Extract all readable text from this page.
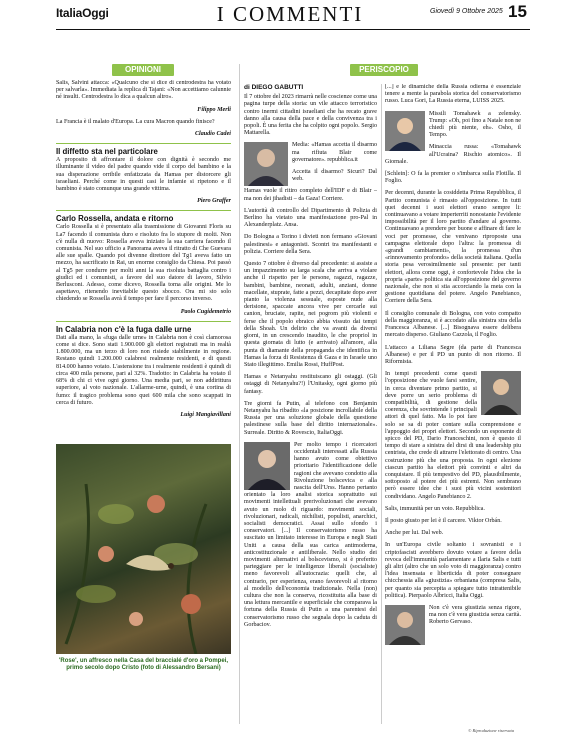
ItaliaOggi	I COMMENTI	Giovedì 9 Ottobre 2025 15
OPINIONI

Salis, Salvini attacca: «Qualcuno che si dice di centrodestra ha votato per salvarla». Immediata la replica di Tajani: «Non accettiamo calunnie né insulti. Centrodestra lo dica a qualcun altro».

Filippo Merli

La Francia è il malato d'Europa. La cura Macron quando finisce?

Claudio Cadei
Il diffetto sta nel particolare

A proposito di affrontare il dolore con dignità è secondo me illuminante il video del padre quando vide il corpo del bambino e la sua disperazione orribile enfatizzata da Hamas per distorcere gli israeliani. Perché come in questi casi le infamie si ripetono e il bambino è stato comunque una grande vittima.

Piero Graffer
Carlo Rossella, andata e ritorno

Carlo Rossella si è presentato alla trasmissione di Giovanni Floris su La7 facendo il comunista duro e risoluto fra lo stupore di molti. Non c'è nulla di nuovo: Rossella aveva iniziato la sua carriera facendo il comunista. Nel suo ufficio a Panorama aveva il ritratto di Che Guevara alle sue spalle. Quando poi divenne direttore del Tg1 aveva fatto un mezzo, ha sacrificato in Rai, un enorme consiglio da Chiesa. Poi passò al Tg5 per condurre per molti anni la sua risoluta battaglia contro i giudici ed i comunisti, a favore del suo datore di lavoro, Silvio Berlusconi. Adesso, come dicevo, Rossella torna alle origini. Me lo aspettavo, ritenendo inevitabile questo sbocco. Ora mi sto solo chiedendo se Rossella avrà il tempo per fare il percorso inverso.

Paolo Cugidemetrio
In Calabria non c'è la fuga dalle urne

Dati alla mano, la «fuga dalle urne» in Calabria non è così clamorosa come si dice. Sono stati 1.900.000 gli elettori registrati ma in realtà 1.800.000, ma un terzo di loro non risiede stabilmente in regione. Restano quindi 1.200.000 calabresi realmente residenti, e di questi 814.000 hanno votato. L'astensione tra i realmente residenti è quindi di circa 400 mila persone, pari al 32%. Tradotto: in Calabria ha votato il 68% di chi ci vive ogni giorno. Una media pari, se non addirittura superiore, al voto nazionale. L'allarme-urne, quindi, è una cortina di fumo: il tragico problema sono quei 600 mila che sono scappati in cerca di futuro.

Luigi Mangiavillani
'Rose', un affresco nella Casa del braccialé d'oro a Pompei, primo secolo dopo Cristo (foto di Alessandro Bersani)
PERISCOPIO
di DIEGO GABUTTI

Il 7 ottobre del 2023 rimarrà nelle coscienze come una pagina turpe della storia: un vile attacco terroristico contro inermi cittadini israeliani che ha recato grave danno alla causa della pace e della convivenza tra i popoli. È una ferita che ha colpito ogni popolo. Sergio Mattarella.

Media: «Hamas accetta il disarmo ma rifiuta Blair come governatore». repubblica.it

Accetta il disarmo? Sicuri? Dal web.

Hamas vuole il ritiro completo dell'IDF e di Blair – ma non dei jihadisti – da Gaza! Corriere.

L'autorità di controllo del Dipartimento di Polizia di Berlino ha vietato una manifestazione pro-Pal in Alexanderplatz. Ansa.

Do Bologna a Torino i divieti non fermano «Giovani palestinesi» e antagonisti. Scontri tra manifestanti e polizia. Corriere della Sera.

Questo 7 ottobre è diverso dal precedente: si assiste a un impazzimento su larga scala che arriva a violare anche il rispetto per le persone, ragazzi, ragazze, bambini, bambine, neonati, adulti, anziani, donne macellate, stuprate, fatte a pezzi, decapitate dopo aver pianto la violenza sessuale, esposte nude alla derisione, spaccate ancora vive per cercarle sui canion, bruciate, rapite, nei pogrom più violenti e ferse che il popolo ebraico abbia vissuto dai tempi della Shoah. Un delirio che va avanti da diversi giorni, in un crescendo inaudito, le che propriol in questa giornata di lutto (e arrivato) all'amore, alla punta di diamante della propaganda che identifica in Hamas la forza di Resistenza di Gaza e in Israele uno Stato illegittimo. Emilia Rossi, HuffPost.

Hamas e Netanyahu restituiscano gli ostaggi. (Gli ostaggi di Netanyahu?!) l'Unitasky, ogni giorno più fantasy.

Tre giorni fa Putin, al telefono con Benjamin Netanyahu ha ribadito «la posizione incrollabile della Russia per una soluzione globale della questione palestinese sulla base del diritto internazionale». Surreale. Diritto & Rovescio, ItaliaOggi.

Per molto tempo i ricercatori occidentali interessati alla Russia hanno avuto come obiettivo prioritario l'identificazione delle ragioni che avevano condotto alla Rivoluzione bolscevica e alla nascita dell'Urss. Hanno pertanto orientato la loro analisi storica soprattutto sui movimenti intellettuali prerivoluzionari che avevano avuto un ruolo di riguardo: movimenti sociali, rivoluzionari, radicali, nichilisti, populisti, anarchici, socialisti democratici. Assai sullo sfondo i conservatori. [...] Il conservatorismo russo ha suscitato un limitato interesse in Europa e negli Stati Uniti a causa della sua carica antimoderna, anticostituzionale e antiliberale. Nello studio dei movimenti alternativi al bolscevismo, si è preferito parteggiare per le intelligenze liberali (socialiste) meno favorevoli all'autocrazia: quelli che, al contrario, per esperienza, erano favorevoli al ritorno al modello dell'economia tradizionale. Nella (non) cultura che non la conserva, ricostituita alla base di una lettura mercantile e superficiale che comparava la fortuna della Russia di Putin a una parentesi del conservatorismo russo che segnala dopo la caduta di Gorbaciov.

[...] e le dinamiche della Russia odierna è essenziale tenere a mente la parabola storica del conservatorismo russo. Luca Gori, La Russia eterna, LUISS 2025.

Missili Tomahawk a zelensky. Trump: «Oh, poi fino a Natale non ne chiedi più niente, eh». Osho, il Tempo.

Minaccia russa: «Tomahawk all'Ucraina? Rischio atomico». Il Giornale.

[Schlein]: O fa la premier o s'imbarca sulla Flotilla. Il Foglio.

Per decenni, durante la cosiddetta Prima Repubblica, il Partito comunista è rimasto all'opposizione. In tutti quei decenni i suoi elettori erano sempre li: continuavano a votare imperterriti nonostante l'evidente impossibilità per il loro partito d'andare al governo. Continuavano a prendere per buone e affinare di fare le voci per promesse, che venivano riproposte una campagna elettorale dopo l'altra: la promessa di «grandi cambiamenti», la promessa d'un «rinnovamento profondo» della società italiana. Quella storia pesa verosimilmente sul presente: per tanti elettori, allora come oggi, è confortevole l'idea che la propria «parte» politica sia all'opposizione del governo nazionale, che non si stia accorciando la meta con la gestione quotidiana del potere. Angelo Panebianco, Corriere della Sera.

Il consiglio comunale di Bologna, con voto compatto della maggioranza, si è accodato alla sinistra stra della Francesca Albanese. [...] Bisognava essere delibera mercato disperso. Giuliano Cazzola, il Foglio.

L'attacco a Liliana Segre (da parte di Francesca Albanese) e per il PD un punto di non ritorno. Il Riformista.

In tempi precedenti come questi l'opposizione che vuole farsi sentire, in cerca diventare primo partito, si deve porre un serio problema di compatibilità, di gestione della coerenza, che sovrintende i principali attori di quel fatto. Ma lo poi fare solo se sa di poter contare sulla comprensione e l'appoggio dei propri elettori. Secondo un esponente di spicco del PD, Dario Franceschini, non è questo il tempo di stare a sinistra del dirsi di una leadership piu centrista, che crede di attrarre l'elettorato di centro. Una costruzione più che una proposta. In ogni elezione ciascun partito ha elettori più convinti e altri da conquistare. Il più tempestivo del PD, plausibilmente, sottoposto al potere dei più estremi. Non sembrano però essere idee che i suoi più vicini sostenitori condividano. Angelo Panebianco 2.

Salis, immunità per un voto. Repubblica.

Il posto giusto per lei è il carcere. Viktor Orbán.

Anche per lui. Dal web.

In un'Europa civile soltanto i sovranisti e i criptofascisti avrebbero dovuto votare a favore della revoca dell'immunità parlamentare a Ilaria Salis e tutti gli altri (altro che un solo voto di maggioranza) contro l'idea insensata e liberticida di poter consegnare chicchessia alla «giustizia» orbaniana (compresa Salis, per quanto sia percepita a spiegare tutto intrattenibile politica). Pierpaolo Albricci, Italia Oggi.

Non c'è vera giustizia senza rigore, ma non c'è vera giustizia senza carità. Roberto Gervaso.

© Riproduzione riservata
